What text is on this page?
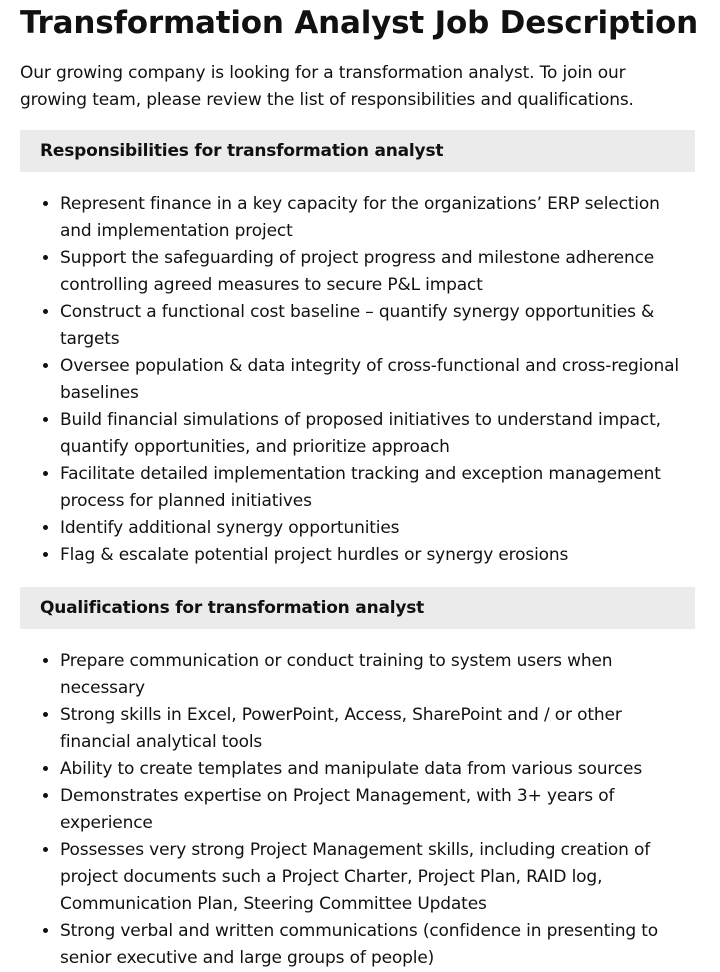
Transformation Analyst Job Description

Our growing company is looking for a transformation analyst. To join our growing team, please review the list of responsibilities and qualifications.

Responsibilities for transformation analyst
• Represent finance in a key capacity for the organizations’ ERP selection and implementation project
• Support the safeguarding of project progress and milestone adherence controlling agreed measures to secure P&L impact
• Construct a functional cost baseline – quantify synergy opportunities & targets
• Oversee population & data integrity of cross-functional and cross-regional baselines
• Build financial simulations of proposed initiatives to understand impact, quantify opportunities, and prioritize approach
• Facilitate detailed implementation tracking and exception management process for planned initiatives
• Identify additional synergy opportunities
• Flag & escalate potential project hurdles or synergy erosions
Qualifications for transformation analyst
• Prepare communication or conduct training to system users when necessary
• Strong skills in Excel, PowerPoint, Access, SharePoint and / or other financial analytical tools
• Ability to create templates and manipulate data from various sources
• Demonstrates expertise on Project Management, with 3+ years of experience
• Possesses very strong Project Management skills, including creation of project documents such a Project Charter, Project Plan, RAID log, Communication Plan, Steering Committee Updates
• Strong verbal and written communications (confidence in presenting to senior executive and large groups of people)
